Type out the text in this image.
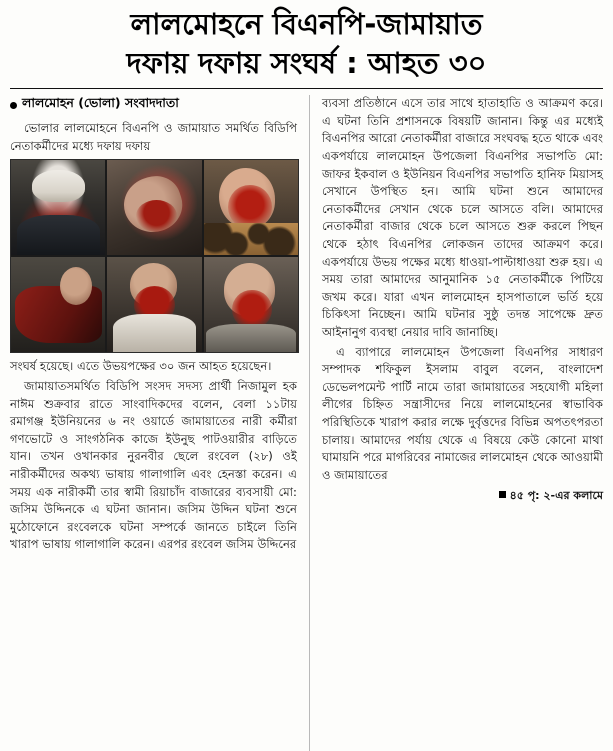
লালমোহনে বিএনপি-জামায়াত
দফায় দফায় সংঘর্ষ : আহত ৩০
লালমোহন (ভোলা) সংবাদদাতা

ভোলার লালমোহনে বিএনপি ও জামায়াত সমর্থিত বিডিপি নেতাকর্মীদের মধ্যে দফায় দফায়

সংঘর্ষ হয়েছে। এতে উভয়পক্ষের ৩০ জন আহত হয়েছেন।

জামায়াতসমর্থিত বিডিপি সংসদ সদস্য প্রার্থী নিজামুল হক নাঈম শুক্রবার রাতে সাংবাদিকদের বলেন, বেলা ১১টায় রমাগঞ্জ ইউনিয়নের ৬ নং ওয়ার্ডে জামায়াতের নারী কর্মীরা গণভোটে ও সাংগঠনিক কাজে ইউনুছ পাটওয়ারীর বাড়িতে যান। তখন ওখানকার নুরনবীর ছেলে রংবেল (২৮) ওই নারীকর্মীদের অকথ্য ভাষায় গালাগালি এবং হেনস্তা করেন। এ সময় এক নারীকর্মী তার স্বামী রিয়াচাঁদ বাজারের ব্যবসায়ী মো: জসিম উদ্দিনকে এ ঘটনা জানান। জসিম উদ্দিন ঘটনা শুনে মুঠোফোনে রংবেলকে ঘটনা সম্পর্কে জানতে চাইলে তিনি খারাপ ভাষায় গালাগালি করেন। এরপর রংবেল জসিম উদ্দিনের

ব্যবসা প্রতিষ্ঠানে এসে তার সাথে হাতাহাতি ও আক্রমণ করে। এ ঘটনা তিনি প্রশাসনকে বিষয়টি জানান। কিন্তু এর মধ্যেই বিএনপির আরো নেতাকর্মীরা বাজারে সংঘবদ্ধ হতে থাকে এবং একপর্যায়ে লালমোহন উপজেলা বিএনপির সভাপতি মো: জাফর ইকবাল ও ইউনিয়ন বিএনপির সভাপতি হানিফ মিয়াসহ সেখানে উপস্থিত হন। আমি ঘটনা শুনে আমাদের নেতাকর্মীদের সেখান থেকে চলে আসতে বলি। আমাদের নেতাকর্মীরা বাজার থেকে চলে আসতে শুরু করলে পিছন থেকে হঠাৎ বিএনপির লোকজন তাদের আক্রমণ করে। একপর্যায়ে উভয় পক্ষের মধ্যে ধাওয়া-পাল্টাধাওয়া শুরু হয়। এ সময় তারা আমাদের আনুমানিক ১৫ নেতাকর্মীকে পিটিয়ে জখম করে। যারা এখন লালমোহন হাসপাতালে ভর্তি হয়ে চিকিৎসা নিচ্ছেন। আমি ঘটনার সুষ্ঠু তদন্ত সাপেক্ষে দ্রুত আইনানুগ ব্যবস্থা নেয়ার দাবি জানাচ্ছি।

এ ব্যাপারে লালমোহন উপজেলা বিএনপির সাধারণ সম্পাদক শফিকুল ইসলাম বাবুল বলেন, বাংলাদেশ ডেভেলপমেন্ট পার্টি নামে তারা জামায়াতের সহযোগী মহিলা লীগের চিহ্নিত সন্ত্রাসীদের নিয়ে লালমোহনের স্বাভাবিক পরিস্থিতিকে খারাপ করার লক্ষে দুর্বৃত্তদের বিভিন্ন অপতৎপরতা চালায়। আমাদের পর্যায় থেকে এ বিষয়ে কেউ কোনো মাথা ঘামায়নি পরে মাগরিবের নামাজের লালমোহন থেকে আওয়ামী ও জামায়াতের

৪৫ পৃ: ২-এর কলামে
